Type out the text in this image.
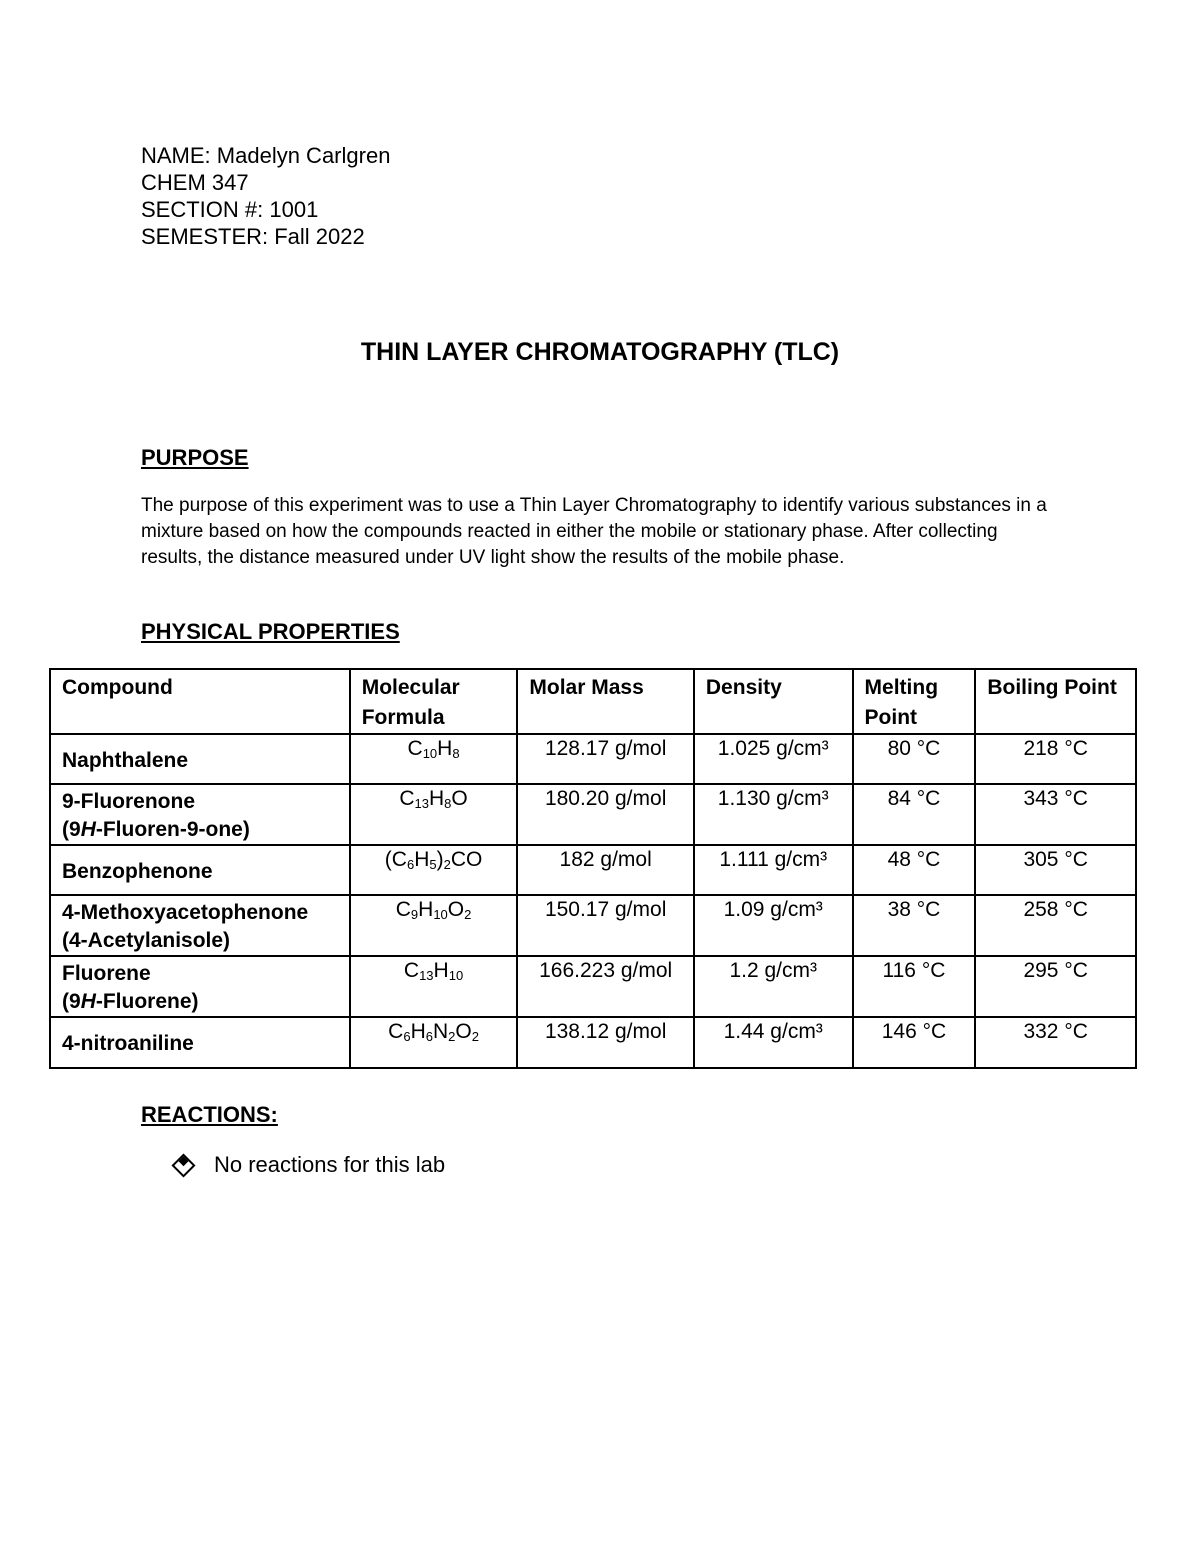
NAME: Madelyn Carlgren
CHEM 347
SECTION #: 1001
SEMESTER: Fall 2022
THIN LAYER CHROMATOGRAPHY (TLC)
PURPOSE
The purpose of this experiment was to use a Thin Layer Chromatography to identify various substances in a mixture based on how the compounds reacted in either the mobile or stationary phase. After collecting results, the distance measured under UV light show the results of the mobile phase.
PHYSICAL PROPERTIES
Compound	Molecular Formula	Molar Mass	Density	Melting Point	Boiling Point

Naphthalene	$C_{10}H_8$	128.17 g/mol	1.025 g/cm³	80 °C	218 °C

9-Fluorenone
(9H-Fluoren-9-one)	$C_{13}H_8O$	180.20 g/mol	1.130 g/cm³	84 °C	343 °C

Benzophenone	$(C_6H_5)_2CO$	182 g/mol	1.111 g/cm³	48 °C	305 °C

4-Methoxyacetophenone
(4-Acetylanisole)	$C_9H_{10}O_2$	150.17 g/mol	1.09 g/cm³	38 °C	258 °C

Fluorene
(9H-Fluorene)	$C_{13}H_{10}$	166.223 g/mol	1.2 g/cm³	116 °C	295 °C

4-nitroaniline	$C_6H_6N_2O_2$	138.12 g/mol	1.44 g/cm³	146 °C	332 °C
REACTIONS:
No reactions for this lab
